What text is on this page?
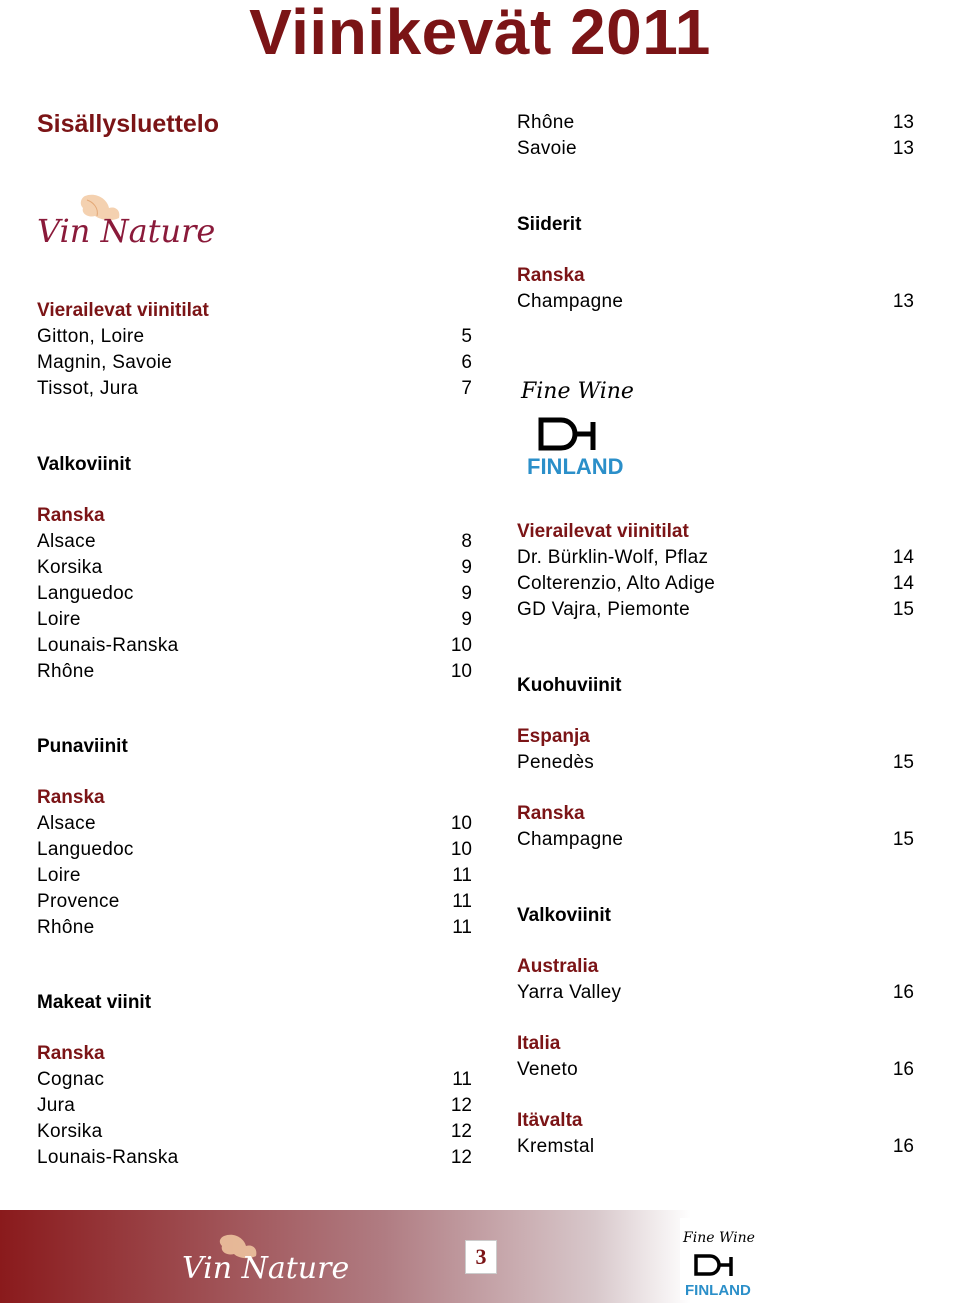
Viinikevät 2011
Sisällysluettelo
Vin Nature
Fine Wine
FINLAND
Vierailevat viinitilat
Gitton, Loire	5
Magnin, Savoie	6
Tissot, Jura	7
Valkoviinit
Ranska
Alsace	8
Korsika	9
Languedoc	9
Loire	9
Lounais-Ranska	10
Rhône	10
Punaviinit
Ranska
Alsace	10
Languedoc	10
Loire	11
Provence	11
Rhône	11
Makeat viinit
Ranska
Cognac	11
Jura	12
Korsika	12
Lounais-Ranska	12
Rhône	13
Savoie	13
Siiderit
Ranska
Champagne	13
Vierailevat viinitilat
Dr. Bürklin-Wolf, Pflaz	14
Colterenzio, Alto Adige	14
GD Vajra, Piemonte	15
Kuohuviinit
Espanja
Penedès	15
Ranska
Champagne	15
Valkoviinit
Australia
Yarra Valley	16
Italia
Veneto	16
Itävalta
Kremstal	16
Vin Nature	3
Fine Wine
FINLAND
